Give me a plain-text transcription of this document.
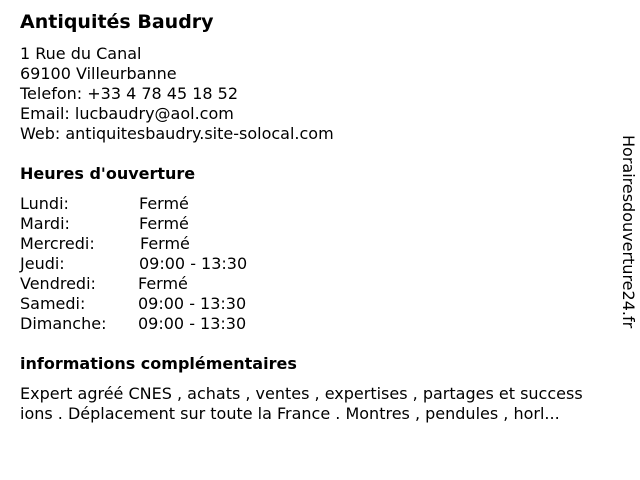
Antiquités Baudry
1 Rue du Canal
69100 Villeurbanne
Telefon: +33 4 78 45 18 52
Email: lucbaudry@aol.com
Web: antiquitesbaudry.site-solocal.com
Heures d'ouverture
Lundi:	Fermé
Mardi:	Fermé
Mercredi:	Fermé
Jeudi:	09:00 - 13:30
Vendredi:	Fermé
Samedi:	09:00 - 13:30
Dimanche: 09:00 - 13:30
informations complémentaires
Expert agréé CNES , achats , ventes , expertises , partages et success
ions . Déplacement sur toute la France . Montres , pendules , horl...
Horairesdouverture24.fr
